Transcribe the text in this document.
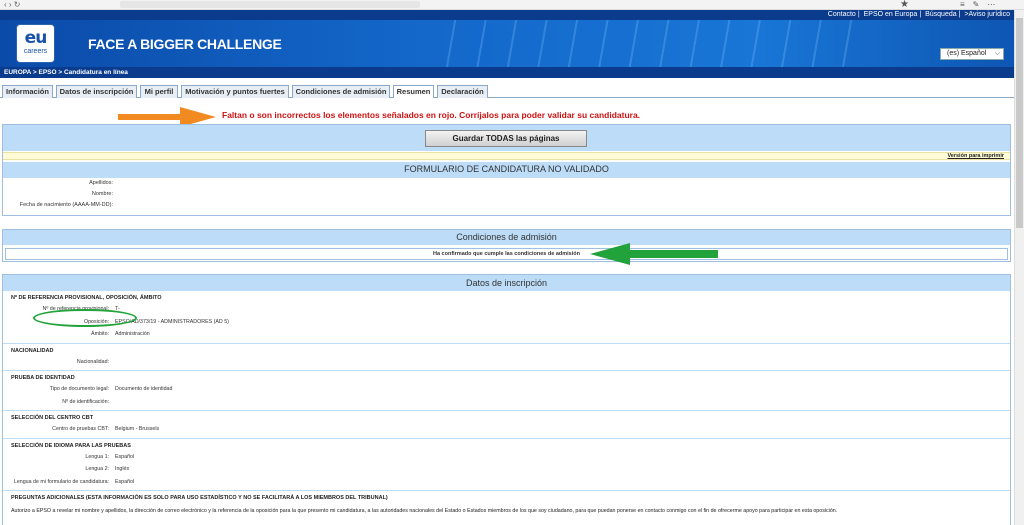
‹ › ↻	★	≡✎⋯
Contacto | EPSO en Europa | Búsqueda | >Aviso jurídico
eu
careers	FACE A BIGGER CHALLENGE
(es) Español ⌵
EUROPA > EPSO > Candidatura en línea
Información	Datos de inscripción	Mi perfil	Motivación y puntos fuertes	Condiciones de admisión	Resumen	Declaración
Faltan o son incorrectos los elementos señalados en rojo. Corríjalos para poder validar su candidatura.
Guardar TODAS las páginas
Versión para imprimir
FORMULARIO DE CANDIDATURA NO VALIDADO
Apellidos:
Nombre:
Fecha de nacimiento (AAAA-MM-DD):
Condiciones de admisión
Ha confirmado que cumple las condiciones de admisión
Datos de inscripción
Nº DE REFERENCIA PROVISIONAL, OPOSICIÓN, ÁMBITO
Nº de referencia provisional: T-
Oposición: EPSO/AD/373/19 - ADMINISTRADORES (AD 5)
Ámbito: Administración
NACIONALIDAD
Nacionalidad:
PRUEBA DE IDENTIDAD
Tipo de documento legal: Documento de identidad
Nº de identificación:
SELECCIÓN DEL CENTRO CBT
Centro de pruebas CBT: Belgium - Brussels
SELECCIÓN DE IDIOMA PARA LAS PRUEBAS
Lengua 1: Español
Lengua 2: Inglés
Lengua de mi formulario de candidatura: Español
PREGUNTAS ADICIONALES (ESTA INFORMACIÓN ES SOLO PARA USO ESTADÍSTICO Y NO SE FACILITARÁ A LOS MIEMBROS DEL TRIBUNAL)
Autorizo a EPSO a revelar mi nombre y apellidos, la dirección de correo electrónico y la referencia de la oposición para la que presento mi candidatura, a las autoridades nacionales del Estado o Estados miembros de los que soy ciudadano, para que puedan ponerse en contacto conmigo con el fin de ofrecerme apoyo para participar en esta oposición.
